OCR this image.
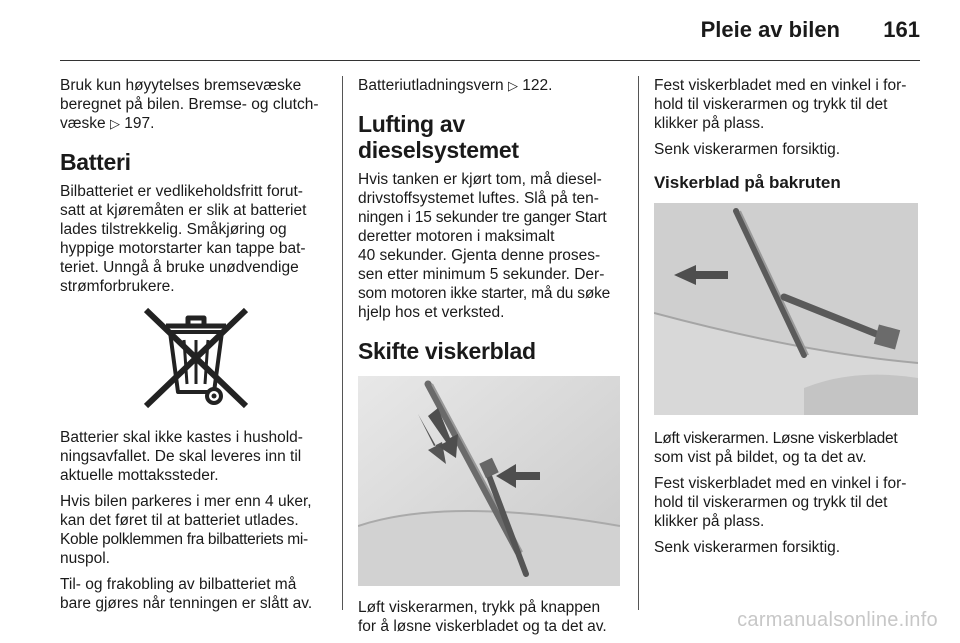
Pleie av bilen 161

Bruk kun høyytelses bremsevæske
beregnet på bilen. Bremse- og clutch-
væske ▷ 197.

Batteri

Bilbatteriet er vedlikeholdsfritt forut-
satt at kjøremåten er slik at batteriet
lades tilstrekkelig. Småkjøring og
hyppige motorstarter kan tappe bat-
teriet. Unngå å bruke unødvendige
strømforbrukere.

Batterier skal ikke kastes i hushold-
ningsavfallet. De skal leveres inn til
aktuelle mottakssteder.

Hvis bilen parkeres i mer enn 4 uker,
kan det føret til at batteriet utlades.
Koble polklemmen fra bilbatteriets mi-
nuspol.

Til- og frakobling av bilbatteriet må
bare gjøres når tenningen er slått av.

Batteriutladningsvern ▷ 122.

Lufting av dieselsystemet

Hvis tanken er kjørt tom, må diesel-
drivstoffsystemet luftes. Slå på ten-
ningen i 15 sekunder tre ganger Start
deretter motoren i maksimalt
40 sekunder. Gjenta denne proses-
sen etter minimum 5 sekunder. Der-
som motoren ikke starter, må du søke
hjelp hos et verksted.

Skifte viskerblad

Løft viskerarmen, trykk på knappen
for å løsne viskerbladet og ta det av.

Fest viskerbladet med en vinkel i for-
hold til viskerarmen og trykk til det
klikker på plass.

Senk viskerarmen forsiktig.

Viskerblad på bakruten

Løft viskerarmen. Løsne viskerbladet
som vist på bildet, og ta det av.

Fest viskerbladet med en vinkel i for-
hold til viskerarmen og trykk til det
klikker på plass.

Senk viskerarmen forsiktig.

carmanualsonline.info
